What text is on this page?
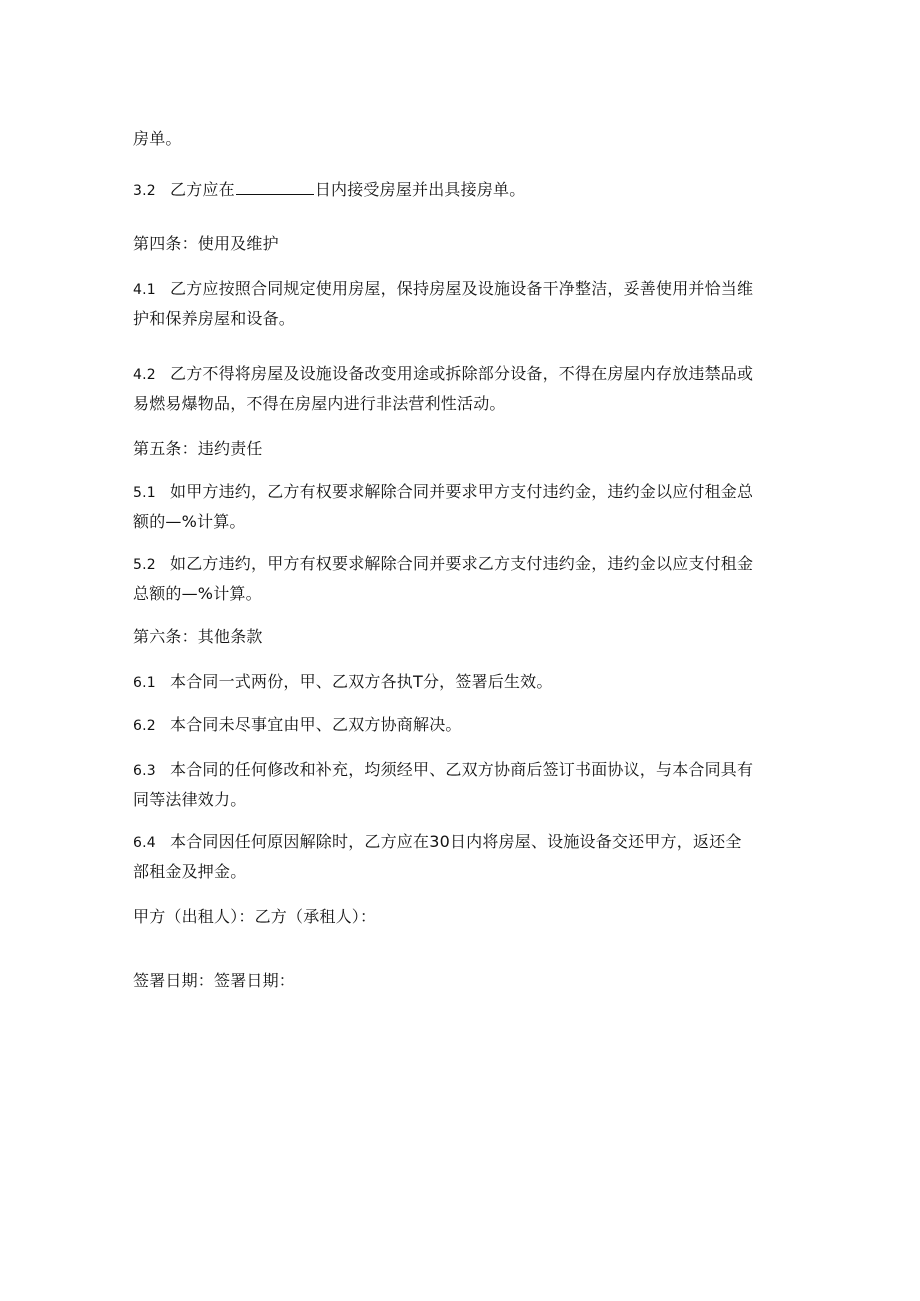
房单。
3.2 乙方应在	日内接受房屋并出具接房单。
第四条：使用及维护
4.1 乙方应按照合同规定使用房屋，保持房屋及设施设备干净整洁，妥善使用并恰当维
护和保养房屋和设备。
4.2 乙方不得将房屋及设施设备改变用途或拆除部分设备，不得在房屋内存放违禁品或
易燃易爆物品，不得在房屋内进行非法营利性活动。
第五条：违约责任
5.1 如甲方违约，乙方有权要求解除合同并要求甲方支付违约金，违约金以应付租金总
额的—%计算。
5.2 如乙方违约，甲方有权要求解除合同并要求乙方支付违约金，违约金以应支付租金
总额的—%计算。
第六条：其他条款
6.1 本合同一式两份，甲、乙双方各执T分，签署后生效。
6.2 本合同未尽事宜由甲、乙双方协商解决。
6.3 本合同的任何修改和补充，均须经甲、乙双方协商后签订书面协议，与本合同具有
同等法律效力。
6.4 本合同因任何原因解除时，乙方应在30日内将房屋、设施设备交还甲方，返还全
部租金及押金。
甲方（出租人）：乙方（承租人）：
签署日期：签署日期：
